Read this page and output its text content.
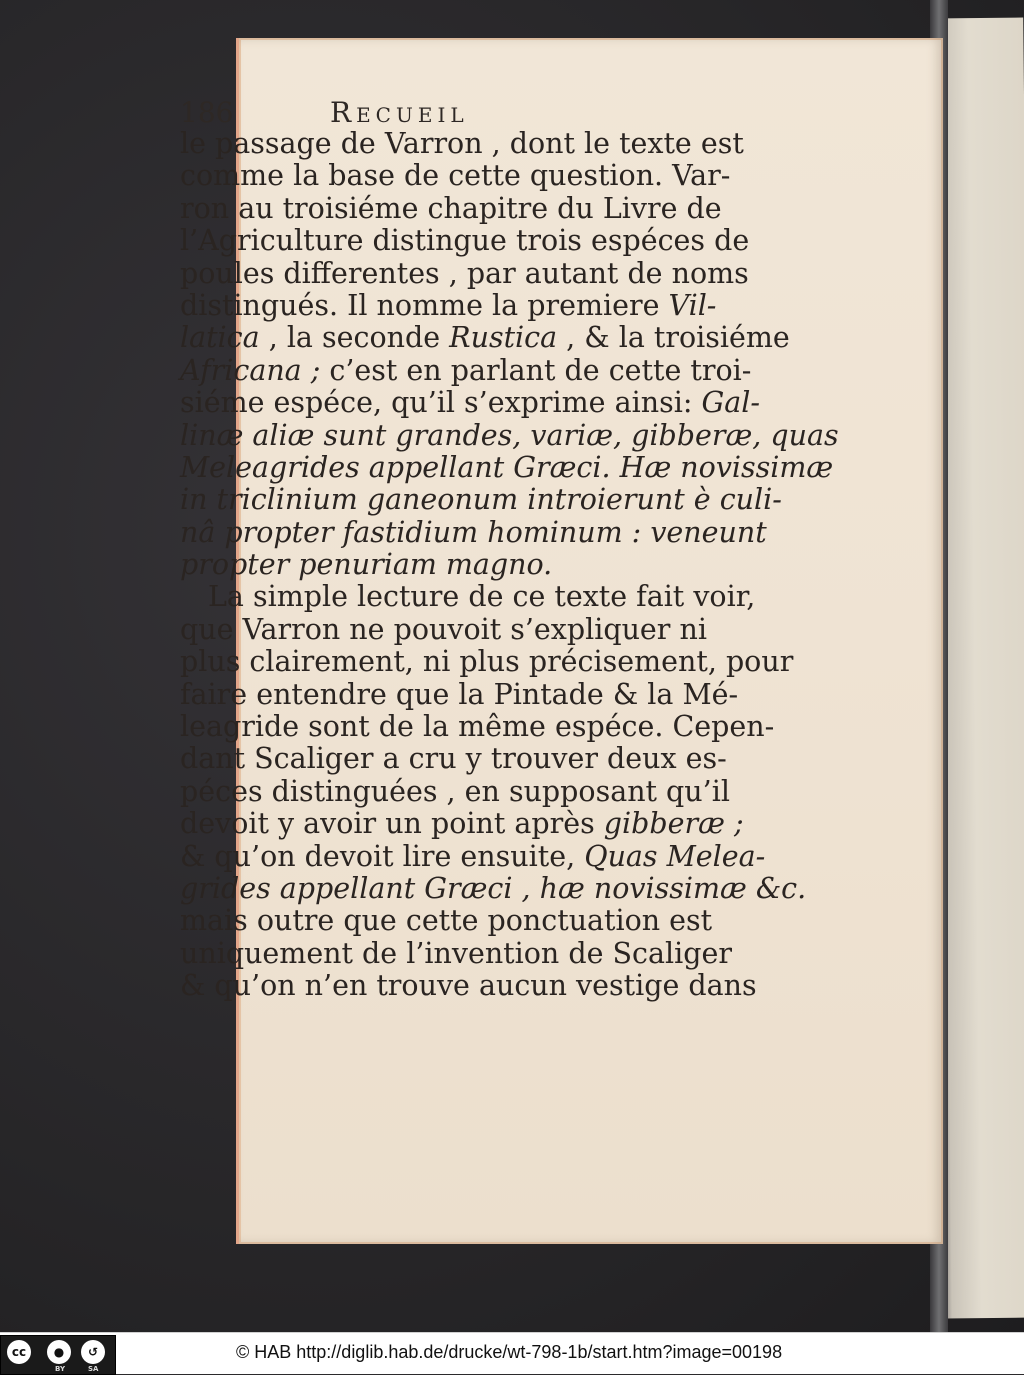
186	Recueil
le passage de Varron , dont le texte est
comme la base de cette question. Var-
ron au troisiéme chapitre du Livre de
l’Agriculture distingue trois espéces de
poules differentes , par autant de noms
distingués. Il nomme la premiere Vil-
latica , la seconde Rustica , & la troisiéme
Africana ; c’est en parlant de cette troi-
siéme espéce, qu’il s’exprime ainsi: Gal-
linæ aliæ sunt grandes, variæ, gibberæ, quas
Meleagrides appellant Græci. Hæ novissimæ
in triclinium ganeonum introierunt è culi-
nâ propter fastidium hominum : veneunt
propter penuriam magno.
La simple lecture de ce texte fait voir,
que Varron ne pouvoit s’expliquer ni
plus clairement, ni plus précisement, pour
faire entendre que la Pintade & la Mé-
leagride sont de la même espéce. Cepen-
dant Scaliger a cru y trouver deux es-
péces distinguées , en supposant qu’il
devoit y avoir un point après gibberæ ;
& qu’on devoit lire ensuite, Quas Melea-
grides appellant Græci , hæ novissimæ &c.
mais outre que cette ponctuation est
uniquement de l’invention de Scaliger
& qu’on n’en trouve aucun vestige dans
cc	●
BY
↺
SA
© HAB http://diglib.hab.de/drucke/wt-798-1b/start.htm?image=00198
